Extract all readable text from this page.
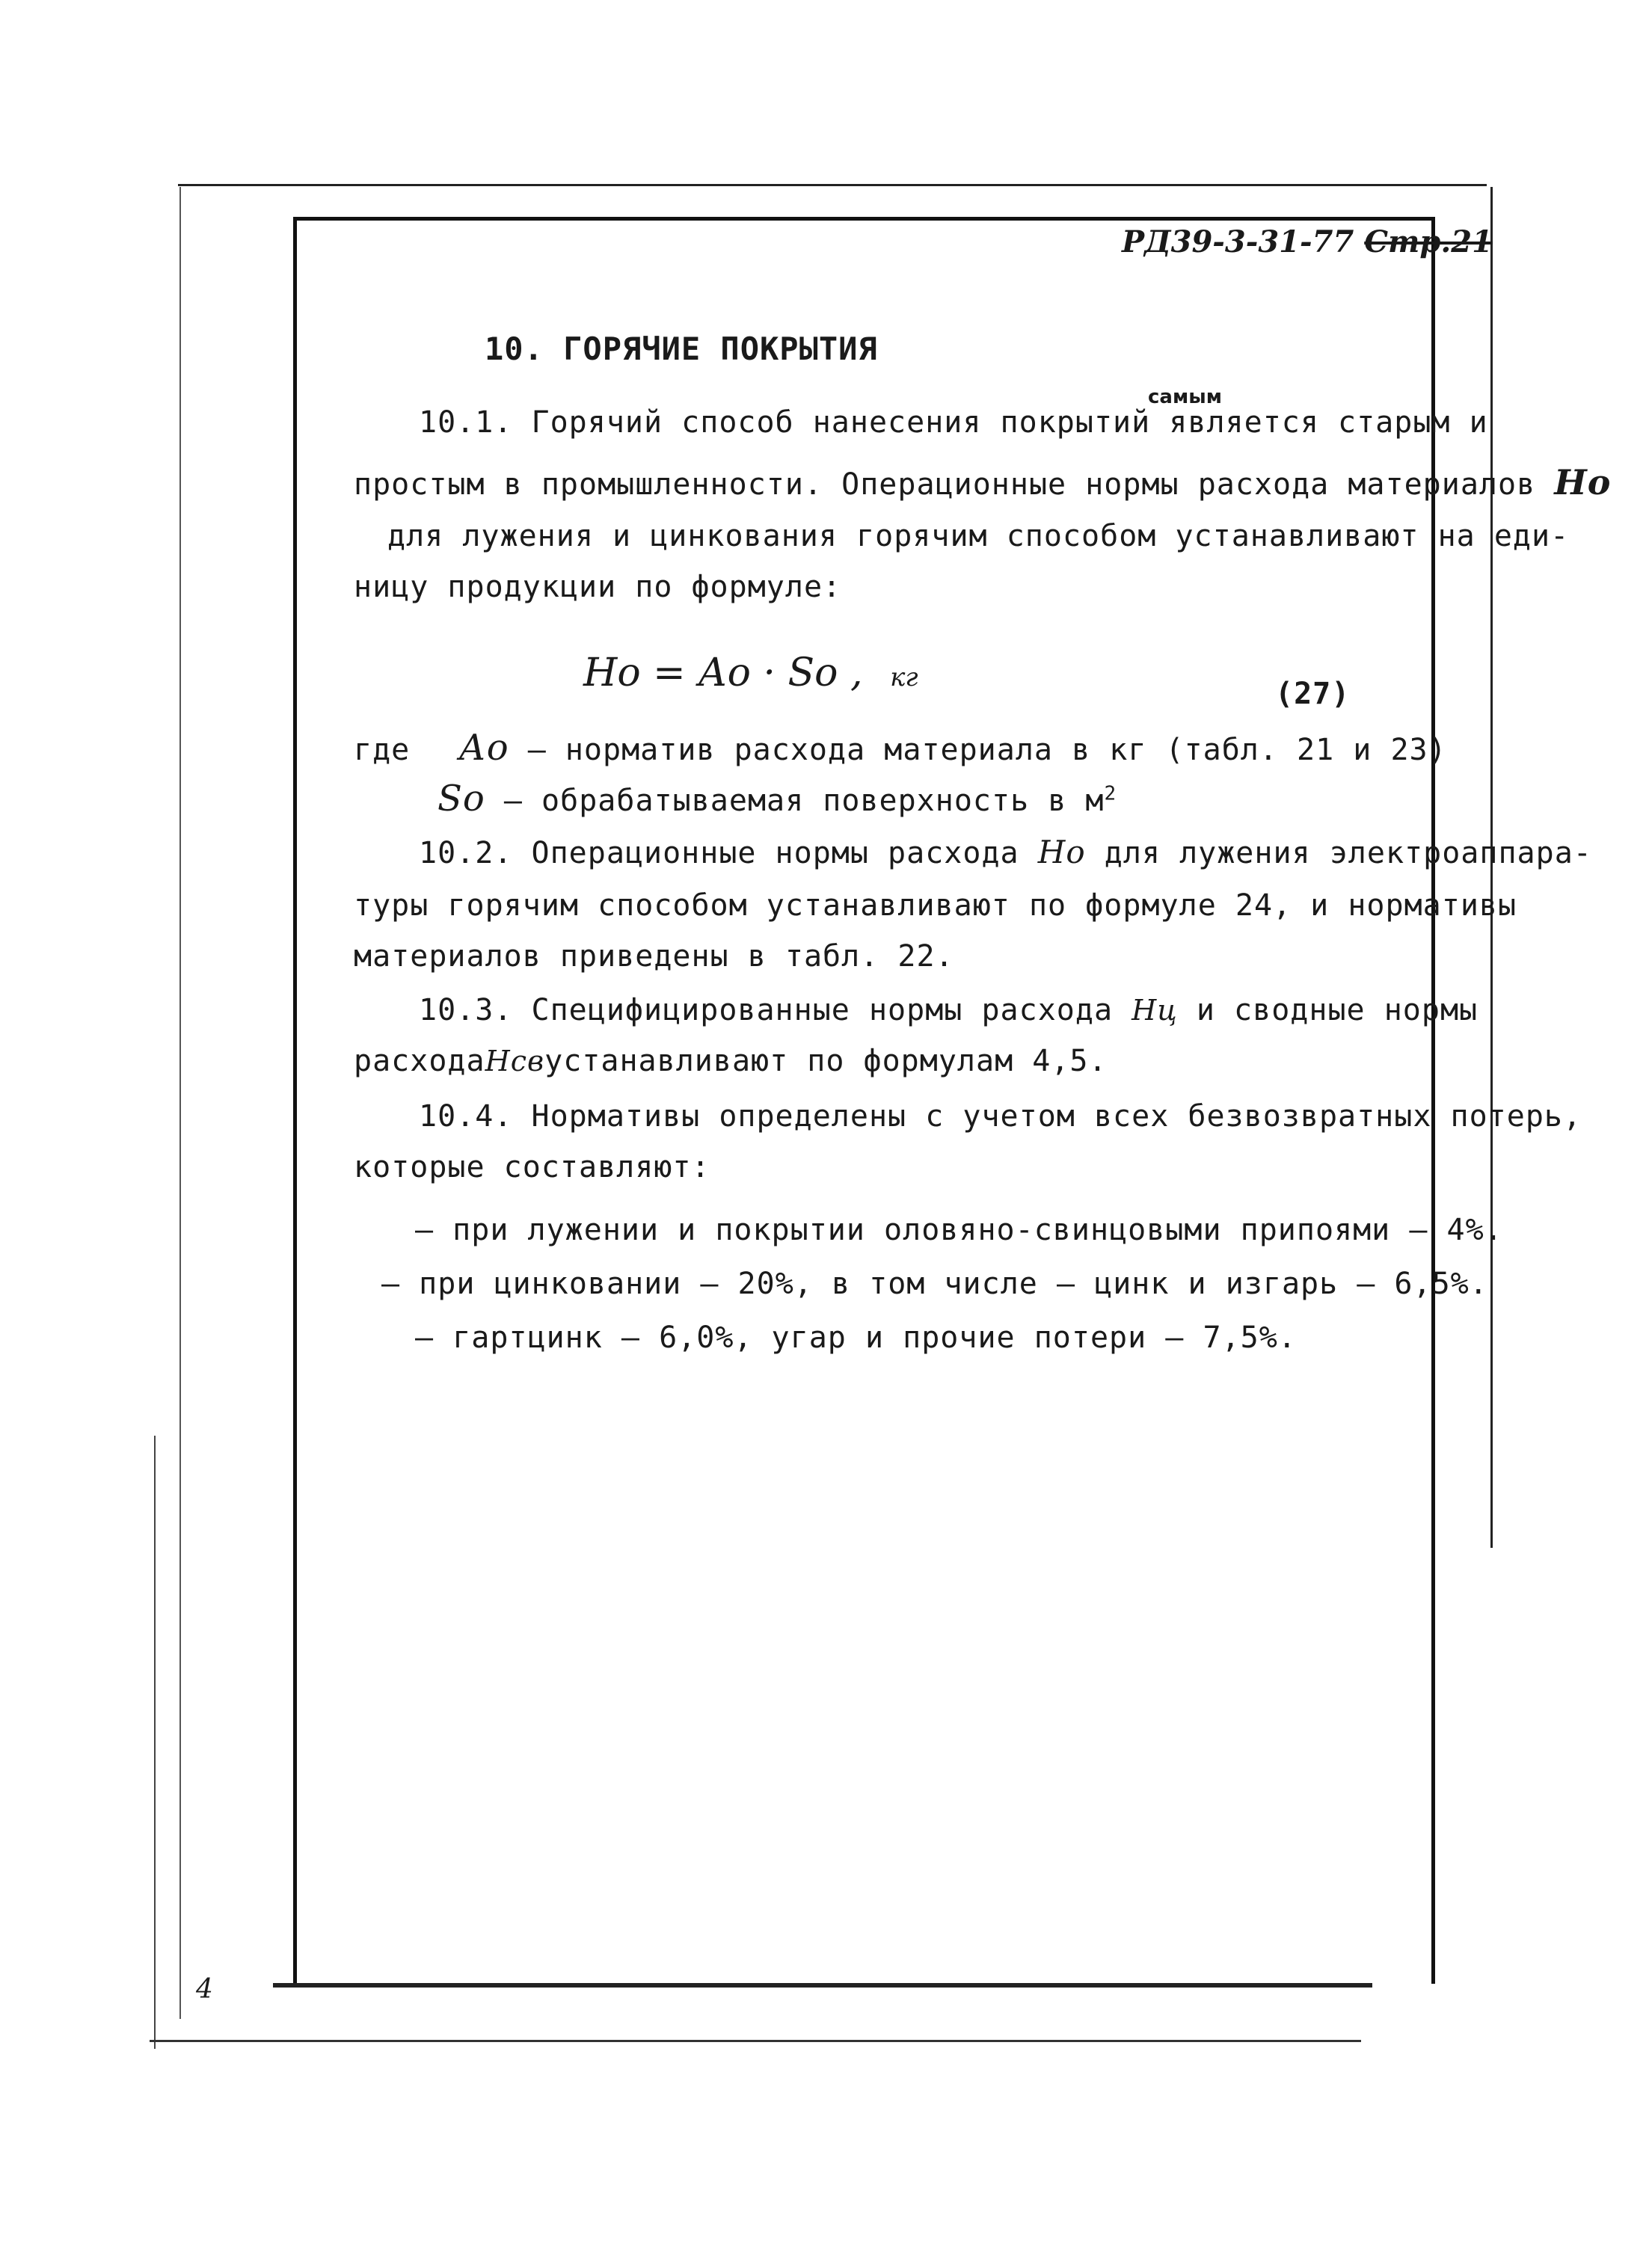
РД39-3-31-77 Стр.21
10. ГОРЯЧИЕ ПОКРЫТИЯ
самым
10.1. Горячий способ нанесения покрытий является старым и
простым в промышленности. Операционные нормы расхода материалов Но
для лужения и цинкования горячим способом устанавливают на еди-
ницу продукции по формуле:
Но = Ао · Sо , кг	(27)
где Ао – норматив расхода материала в кг (табл. 21 и 23)
Sо – обрабатываемая поверхность в $м^2$
10.2. Операционные нормы расхода Но для лужения электроаппара-
туры горячим способом устанавливают по формуле 24, и нормативы
материалов приведены в табл. 22.
10.3. Специфицированные нормы расхода Нц и сводные нормы
расходаНсвустанавливают по формулам 4,5.
10.4. Нормативы определены с учетом всех безвозвратных потерь,
которые составляют:
– при лужении и покрытии оловяно-свинцовыми припоями – 4%.
– при цинковании – 20%, в том числе – цинк и изгарь – 6,5%.
– гартцинк – 6,0%, угар и прочие потери – 7,5%.
4
